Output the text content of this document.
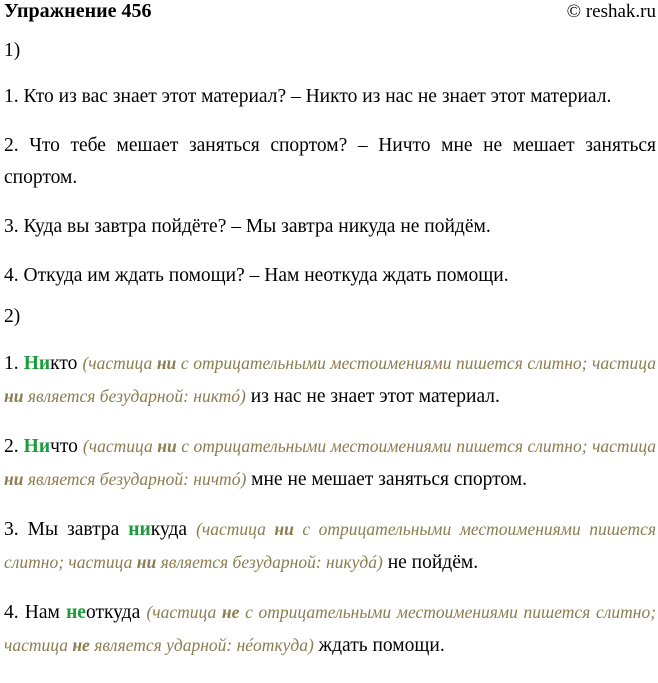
Упражнение 456	© reshak.ru

1)

1. Кто из вас знает этот материал? – Никто из нас не знает этот материал.

2. Что тебе мешает заняться спортом? – Ничто мне не мешает заняться спортом.

3. Куда вы завтра пойдёте? – Мы завтра никуда не пойдём.

4. Откуда им ждать помощи? – Нам неоткуда ждать помощи.

2)

1. Никто (частица ни с отрицательными местоимениями пишется слитно; частица ни является безударной: никтó) из нас не знает этот материал.

2. Ничто (частица ни с отрицательными местоимениями пишется слитно; частица ни является безударной: ничтó) мне не мешает заняться спортом.

3. Мы завтра никуда (частица ни с отрицательными местоимениями пишется слитно; частица ни является безударной: никудá) не пойдём.

4. Нам неоткуда (частица не с отрицательными местоимениями пишется слитно; частица не является ударной: нéоткуда) ждать помощи.
